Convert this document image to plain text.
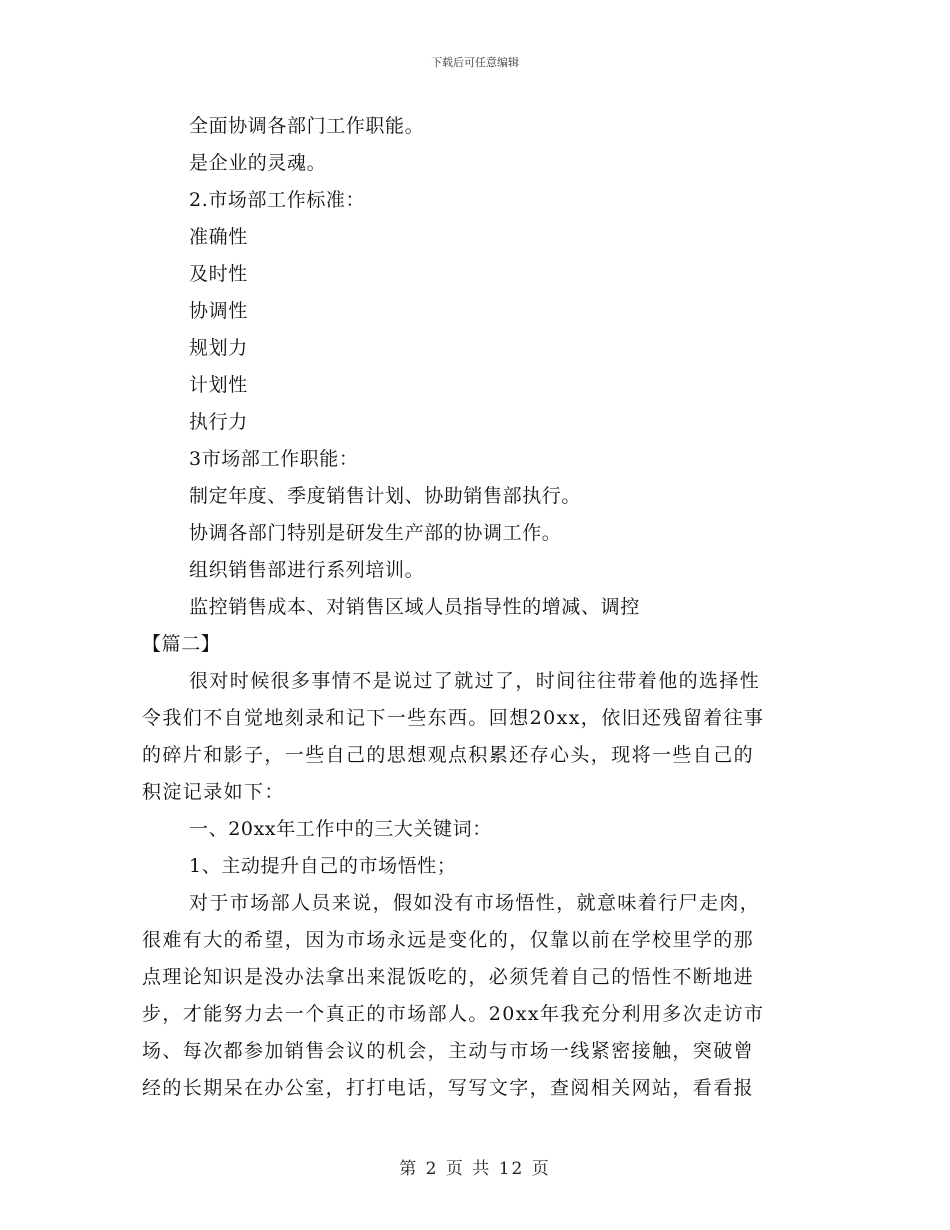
下载后可任意编辑
全面协调各部门工作职能。
是企业的灵魂。
2.市场部工作标准：
准确性
及时性
协调性
规划力
计划性
执行力
3市场部工作职能：
制定年度、季度销售计划、协助销售部执行。
协调各部门特别是研发生产部的协调工作。
组织销售部进行系列培训。
监控销售成本、对销售区域人员指导性的增减、调控
【篇二】
很对时候很多事情不是说过了就过了，时间往往带着他的选择性
令我们不自觉地刻录和记下一些东西。回想20xx，依旧还残留着往事
的碎片和影子，一些自己的思想观点积累还存心头，现将一些自己的
积淀记录如下：
一、20xx年工作中的三大关键词：
1、主动提升自己的市场悟性；
对于市场部人员来说，假如没有市场悟性，就意味着行尸走肉，
很难有大的希望，因为市场永远是变化的，仅靠以前在学校里学的那
点理论知识是没办法拿出来混饭吃的，必须凭着自己的悟性不断地进
步，才能努力去一个真正的市场部人。20xx年我充分利用多次走访市
场、每次都参加销售会议的机会，主动与市场一线紧密接触，突破曾
经的长期呆在办公室，打打电话，写写文字，查阅相关网站，看看报
第 2 页 共 12 页
